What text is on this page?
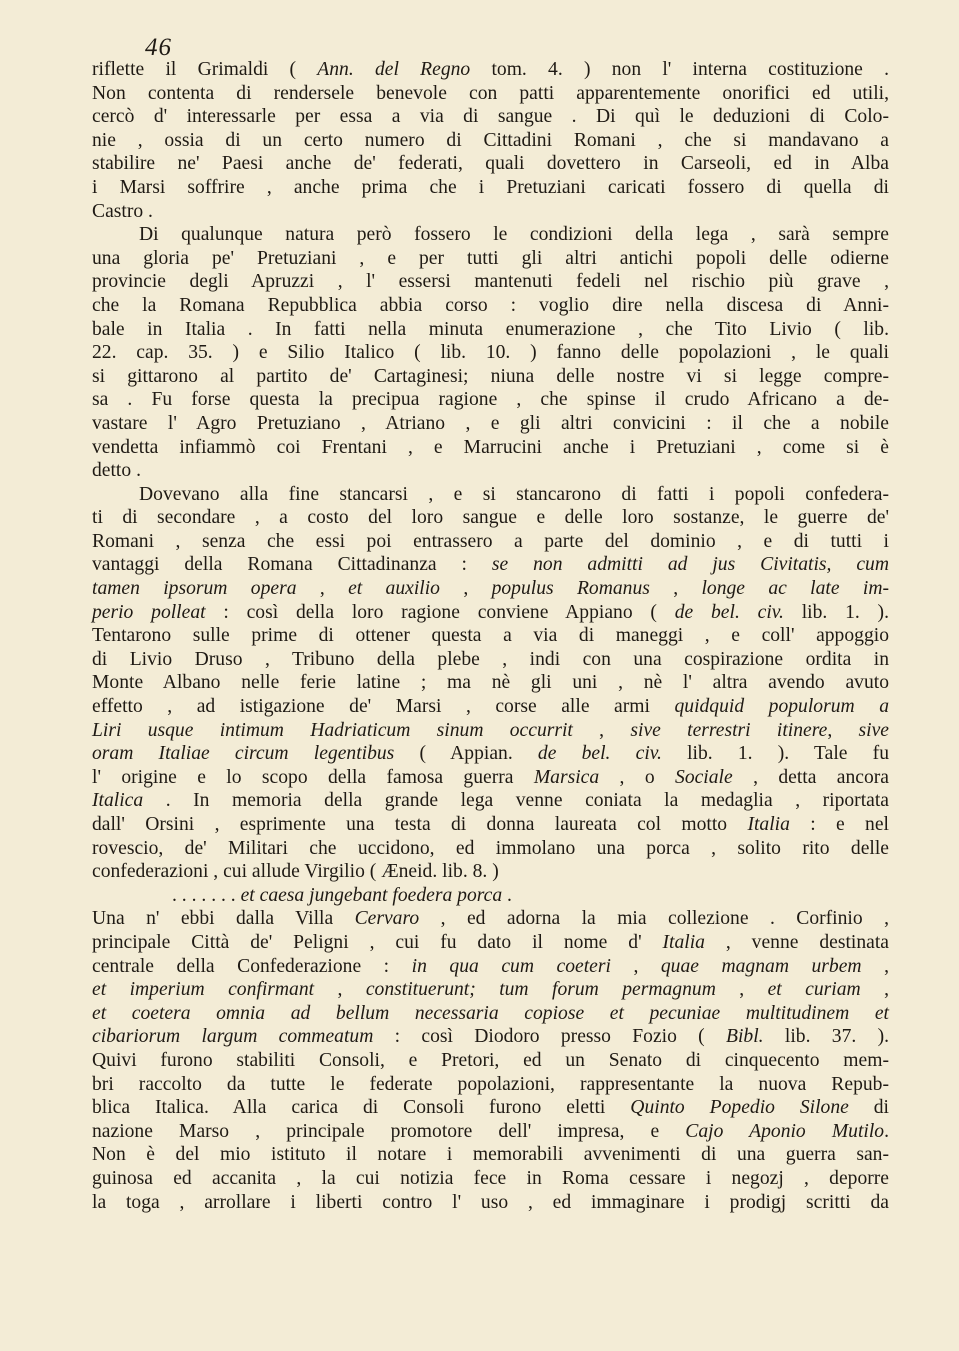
46
riflette il Grimaldi ( Ann. del Regno tom. 4. ) non l' interna costituzione .
Non contenta di rendersele benevole con patti apparentemente onorifici ed utili,
cercò d' interessarle per essa a via di sangue . Di quì le deduzioni di Colo-
nie , ossia di un certo numero di Cittadini Romani , che si mandavano a
stabilire ne' Paesi anche de' federati, quali dovettero in Carseoli, ed in Alba
i Marsi soffrire , anche prima che i Pretuziani caricati fossero di quella di
Castro .
Di qualunque natura però fossero le condizioni della lega , sarà sempre
una gloria pe' Pretuziani , e per tutti gli altri antichi popoli delle odierne
provincie degli Apruzzi , l' essersi mantenuti fedeli nel rischio più grave ,
che la Romana Repubblica abbia corso : voglio dire nella discesa di Anni-
bale in Italia . In fatti nella minuta enumerazione , che Tito Livio ( lib.
22. cap. 35. ) e Silio Italico ( lib. 10. ) fanno delle popolazioni , le quali
si gittarono al partito de' Cartaginesi; niuna delle nostre vi si legge compre-
sa . Fu forse questa la precipua ragione , che spinse il crudo Africano a de-
vastare l' Agro Pretuziano , Atriano , e gli altri convicini : il che a nobile
vendetta infiammò coi Frentani , e Marrucini anche i Pretuziani , come si è
detto .
Dovevano alla fine stancarsi , e si stancarono di fatti i popoli confedera-
ti di secondare , a costo del loro sangue e delle loro sostanze, le guerre de'
Romani , senza che essi poi entrassero a parte del dominio , e di tutti i
vantaggi della Romana Cittadinanza : se non admitti ad jus Civitatis, cum
tamen ipsorum opera , et auxilio , populus Romanus , longe ac late im-
perio polleat : così della loro ragione conviene Appiano ( de bel. civ. lib. 1. ).
Tentarono sulle prime di ottener questa a via di maneggi , e coll' appoggio
di Livio Druso , Tribuno della plebe , indi con una cospirazione ordita in
Monte Albano nelle ferie latine ; ma nè gli uni , nè l' altra avendo avuto
effetto , ad istigazione de' Marsi , corse alle armi quidquid populorum a
Liri usque intimum Hadriaticum sinum occurrit , sive terrestri itinere, sive
oram Italiae circum legentibus ( Appian. de bel. civ. lib. 1. ). Tale fu
l' origine e lo scopo della famosa guerra Marsica , o Sociale , detta ancora
Italica . In memoria della grande lega venne coniata la medaglia , riportata
dall' Orsini , esprimente una testa di donna laureata col motto Italia : e nel
rovescio, de' Militari che uccidono, ed immolano una porca , solito rito delle
confederazioni , cui allude Virgilio ( Æneid. lib. 8. )
. . . . . . . et caesa jungebant foedera porca .
Una n' ebbi dalla Villa Cervaro , ed adorna la mia collezione . Corfinio ,
principale Città de' Peligni , cui fu dato il nome d' Italia , venne destinata
centrale della Confederazione : in qua cum coeteri , quae magnam urbem ,
et imperium confirmant , constituerunt; tum forum permagnum , et curiam ,
et coetera omnia ad bellum necessaria copiose et pecuniae multitudinem et
cibariorum largum commeatum : così Diodoro presso Fozio ( Bibl. lib. 37. ).
Quivi furono stabiliti Consoli, e Pretori, ed un Senato di cinquecento mem-
bri raccolto da tutte le federate popolazioni, rappresentante la nuova Repub-
blica Italica. Alla carica di Consoli furono eletti Quinto Popedio Silone di
nazione Marso , principale promotore dell' impresa, e Cajo Aponio Mutilo.
Non è del mio istituto il notare i memorabili avvenimenti di una guerra san-
guinosa ed accanita , la cui notizia fece in Roma cessare i negozj , deporre
la toga , arrollare i liberti contro l' uso , ed immaginare i prodigj scritti da
